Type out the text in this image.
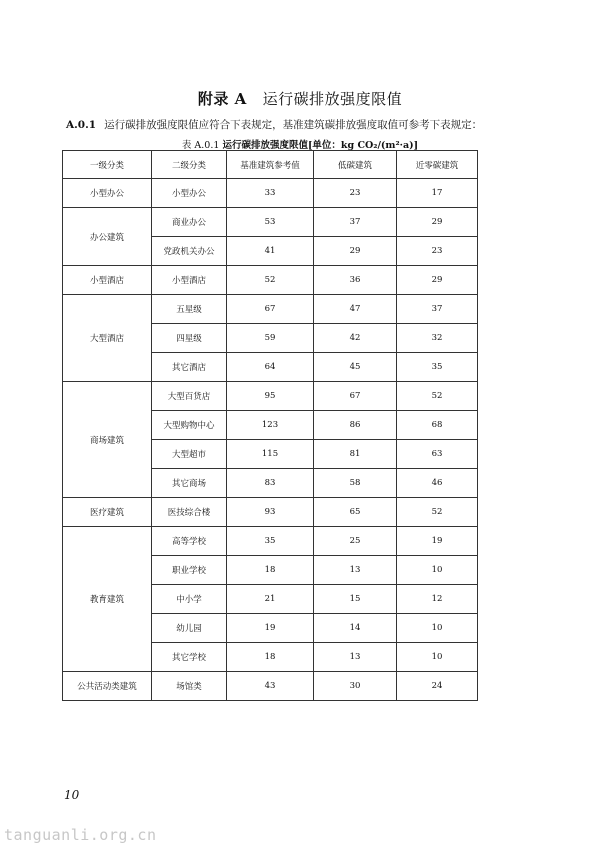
附录 A 运行碳排放强度限值
A.0.1 运行碳排放强度限值应符合下表规定，基准建筑碳排放强度取值可参考下表规定：
表 A.0.1 运行碳排放强度限值[单位：kg CO₂/(m²·a)]
一级分类	二级分类	基准建筑参考值	低碳建筑	近零碳建筑
小型办公	小型办公	33	23	17
办公建筑	商业办公	53	37	29
	党政机关办公	41	29	23
小型酒店	小型酒店	52	36	29
大型酒店	五星级	67	47	37
	四星级	59	42	32
	其它酒店	64	45	35
商场建筑	大型百货店	95	67	52
	大型购物中心	123	86	68
	大型超市	115	81	63
	其它商场	83	58	46
医疗建筑	医技综合楼	93	65	52
教育建筑	高等学校	35	25	19
	职业学校	18	13	10
	中小学	21	15	12
	幼儿园	19	14	10
	其它学校	18	13	10
公共活动类建筑	场馆类	43	30	24
10
tanguanli.org.cn
